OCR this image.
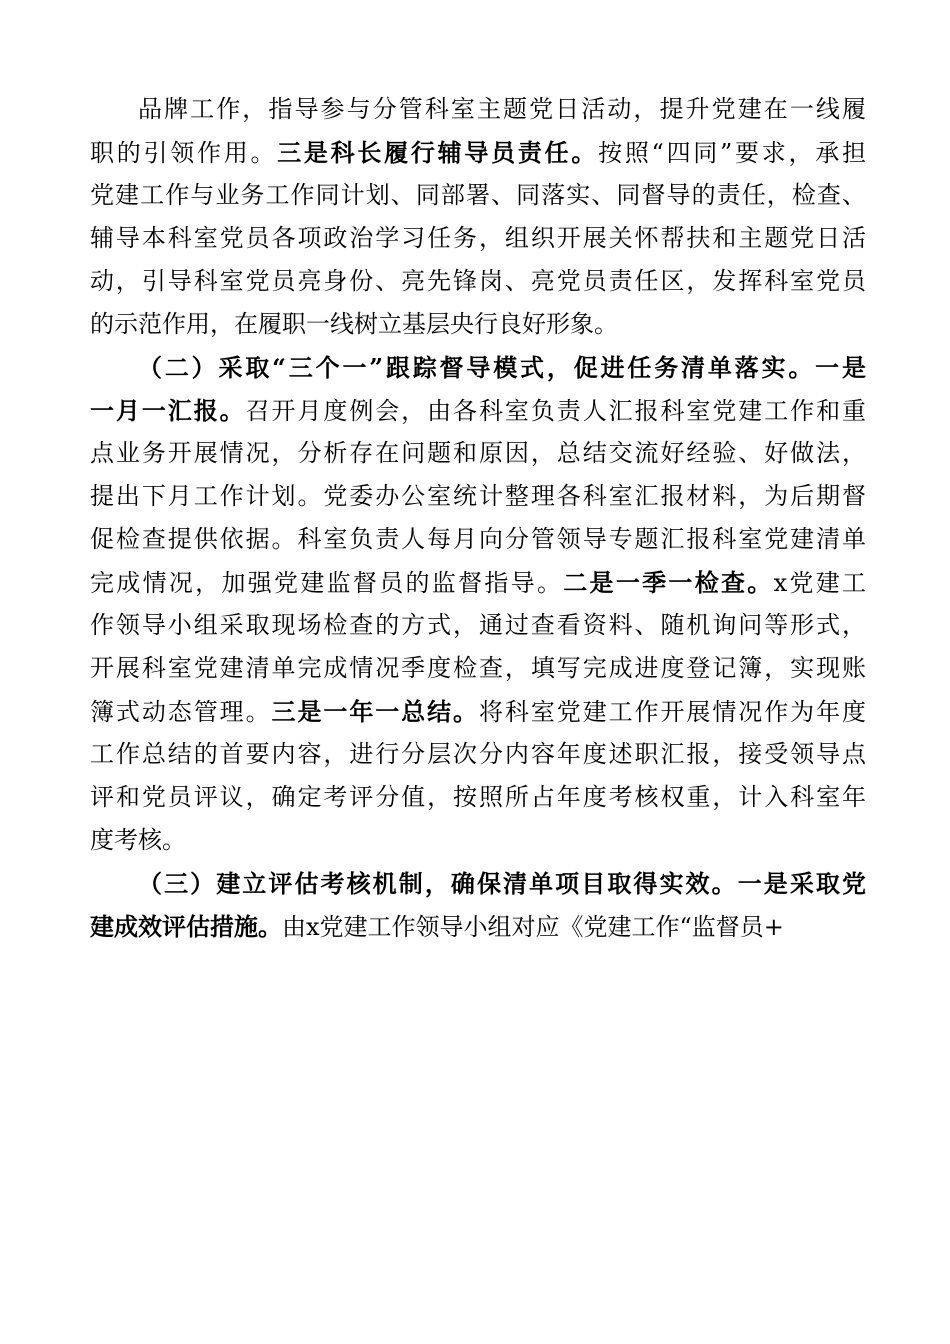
品牌工作，指导参与分管科室主题党日活动，提升党建在一线履
职的引领作用。三是科长履行辅导员责任。按照“四同”要求，承担
党建工作与业务工作同计划、同部署、同落实、同督导的责任，检查、
辅导本科室党员各项政治学习任务，组织开展关怀帮扶和主题党日活
动，引导科室党员亮身份、亮先锋岗、亮党员责任区，发挥科室党员
的示范作用，在履职一线树立基层央行良好形象。
（二）采取“三个一”跟踪督导模式，促进任务清单落实。一是
一月一汇报。召开月度例会，由各科室负责人汇报科室党建工作和重
点业务开展情况，分析存在问题和原因，总结交流好经验、好做法，
提出下月工作计划。党委办公室统计整理各科室汇报材料，为后期督
促检查提供依据。科室负责人每月向分管领导专题汇报科室党建清单
完成情况，加强党建监督员的监督指导。二是一季一检查。x党建工
作领导小组采取现场检查的方式，通过查看资料、随机询问等形式，
开展科室党建清单完成情况季度检查，填写完成进度登记簿，实现账
簿式动态管理。三是一年一总结。将科室党建工作开展情况作为年度
工作总结的首要内容，进行分层次分内容年度述职汇报，接受领导点
评和党员评议，确定考评分值，按照所占年度考核权重，计入科室年
度考核。
（三）建立评估考核机制，确保清单项目取得实效。一是采取党
建成效评估措施。由x党建工作领导小组对应《党建工作“监督员+
